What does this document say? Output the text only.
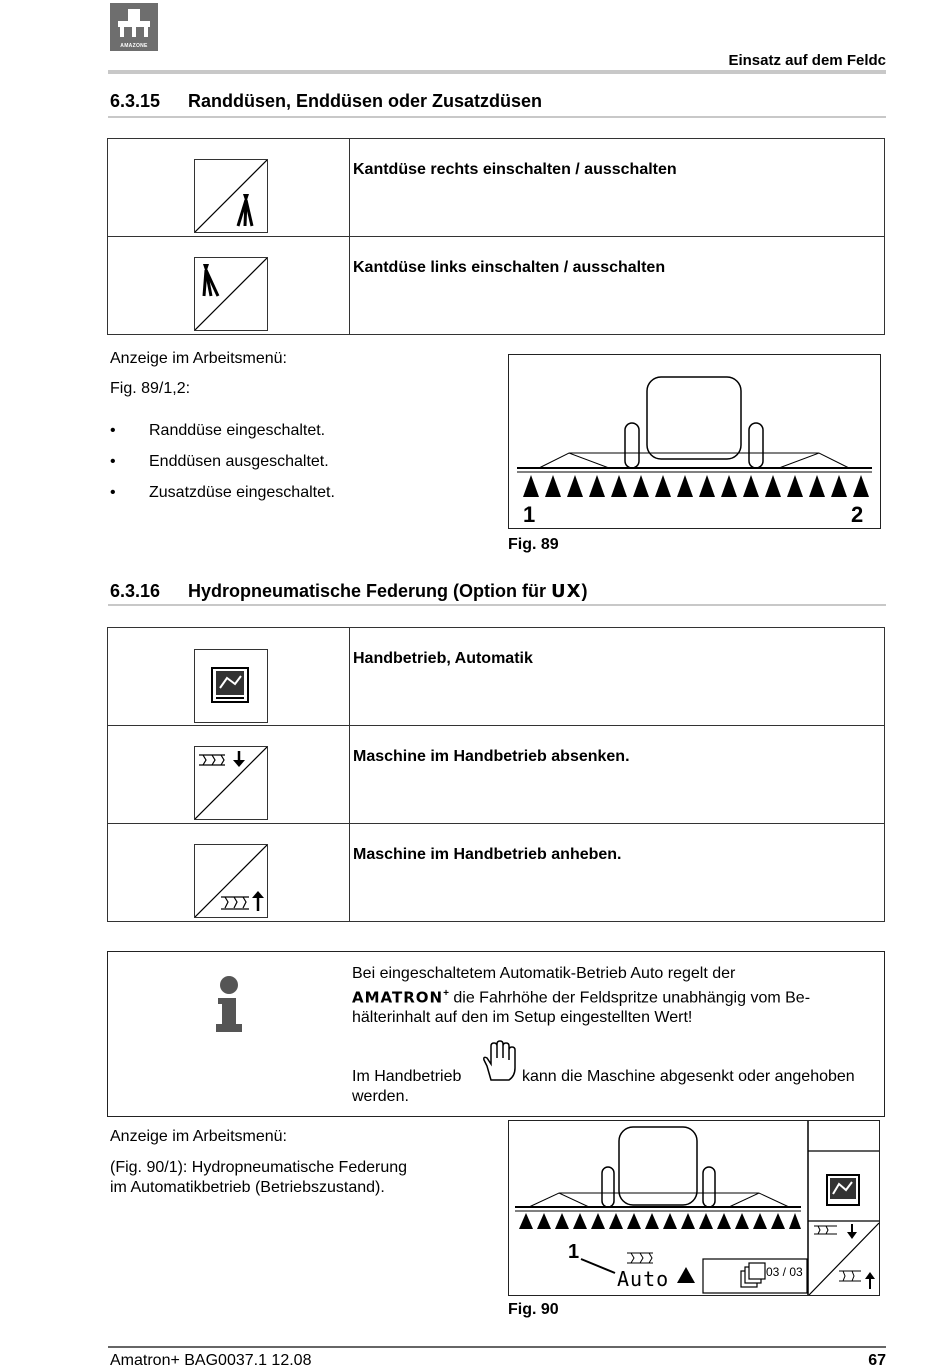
AMAZONE
Einsatz auf dem Feldc
6.3.15 Randdüsen, Enddüsen oder Zusatzdüsen
	Kantdüse rechts einschalten / ausschalten

	Kantdüse links einschalten / ausschalten
Anzeige im Arbeitsmenü:
Fig. 89/1,2:
• Randdüse eingeschaltet.
• Enddüsen ausgeschaltet.
• Zusatzdüse eingeschaltet.
1	2
Fig. 89
6.3.16 Hydropneumatische Federung (Option für UX)
	Handbetrieb, Automatik

	Maschine im Handbetrieb absenken.

	Maschine im Handbetrieb anheben.
Bei eingeschaltetem Automatik-Betrieb Auto regelt der
AMATRON+ die Fahrhöhe der Feldspritze unabhängig vom Be-
hälterinhalt auf den im Setup eingestellten Wert!
Im Handbetrieb	kann die Maschine abgesenkt oder angehoben
werden.
Anzeige im Arbeitsmenü:
(Fig. 90/1): Hydropneumatische Federung
im Automatikbetrieb (Betriebszustand).
1
Auto	03 / 03
Fig. 90
Amatron+ BAG0037.1 12.08	67
